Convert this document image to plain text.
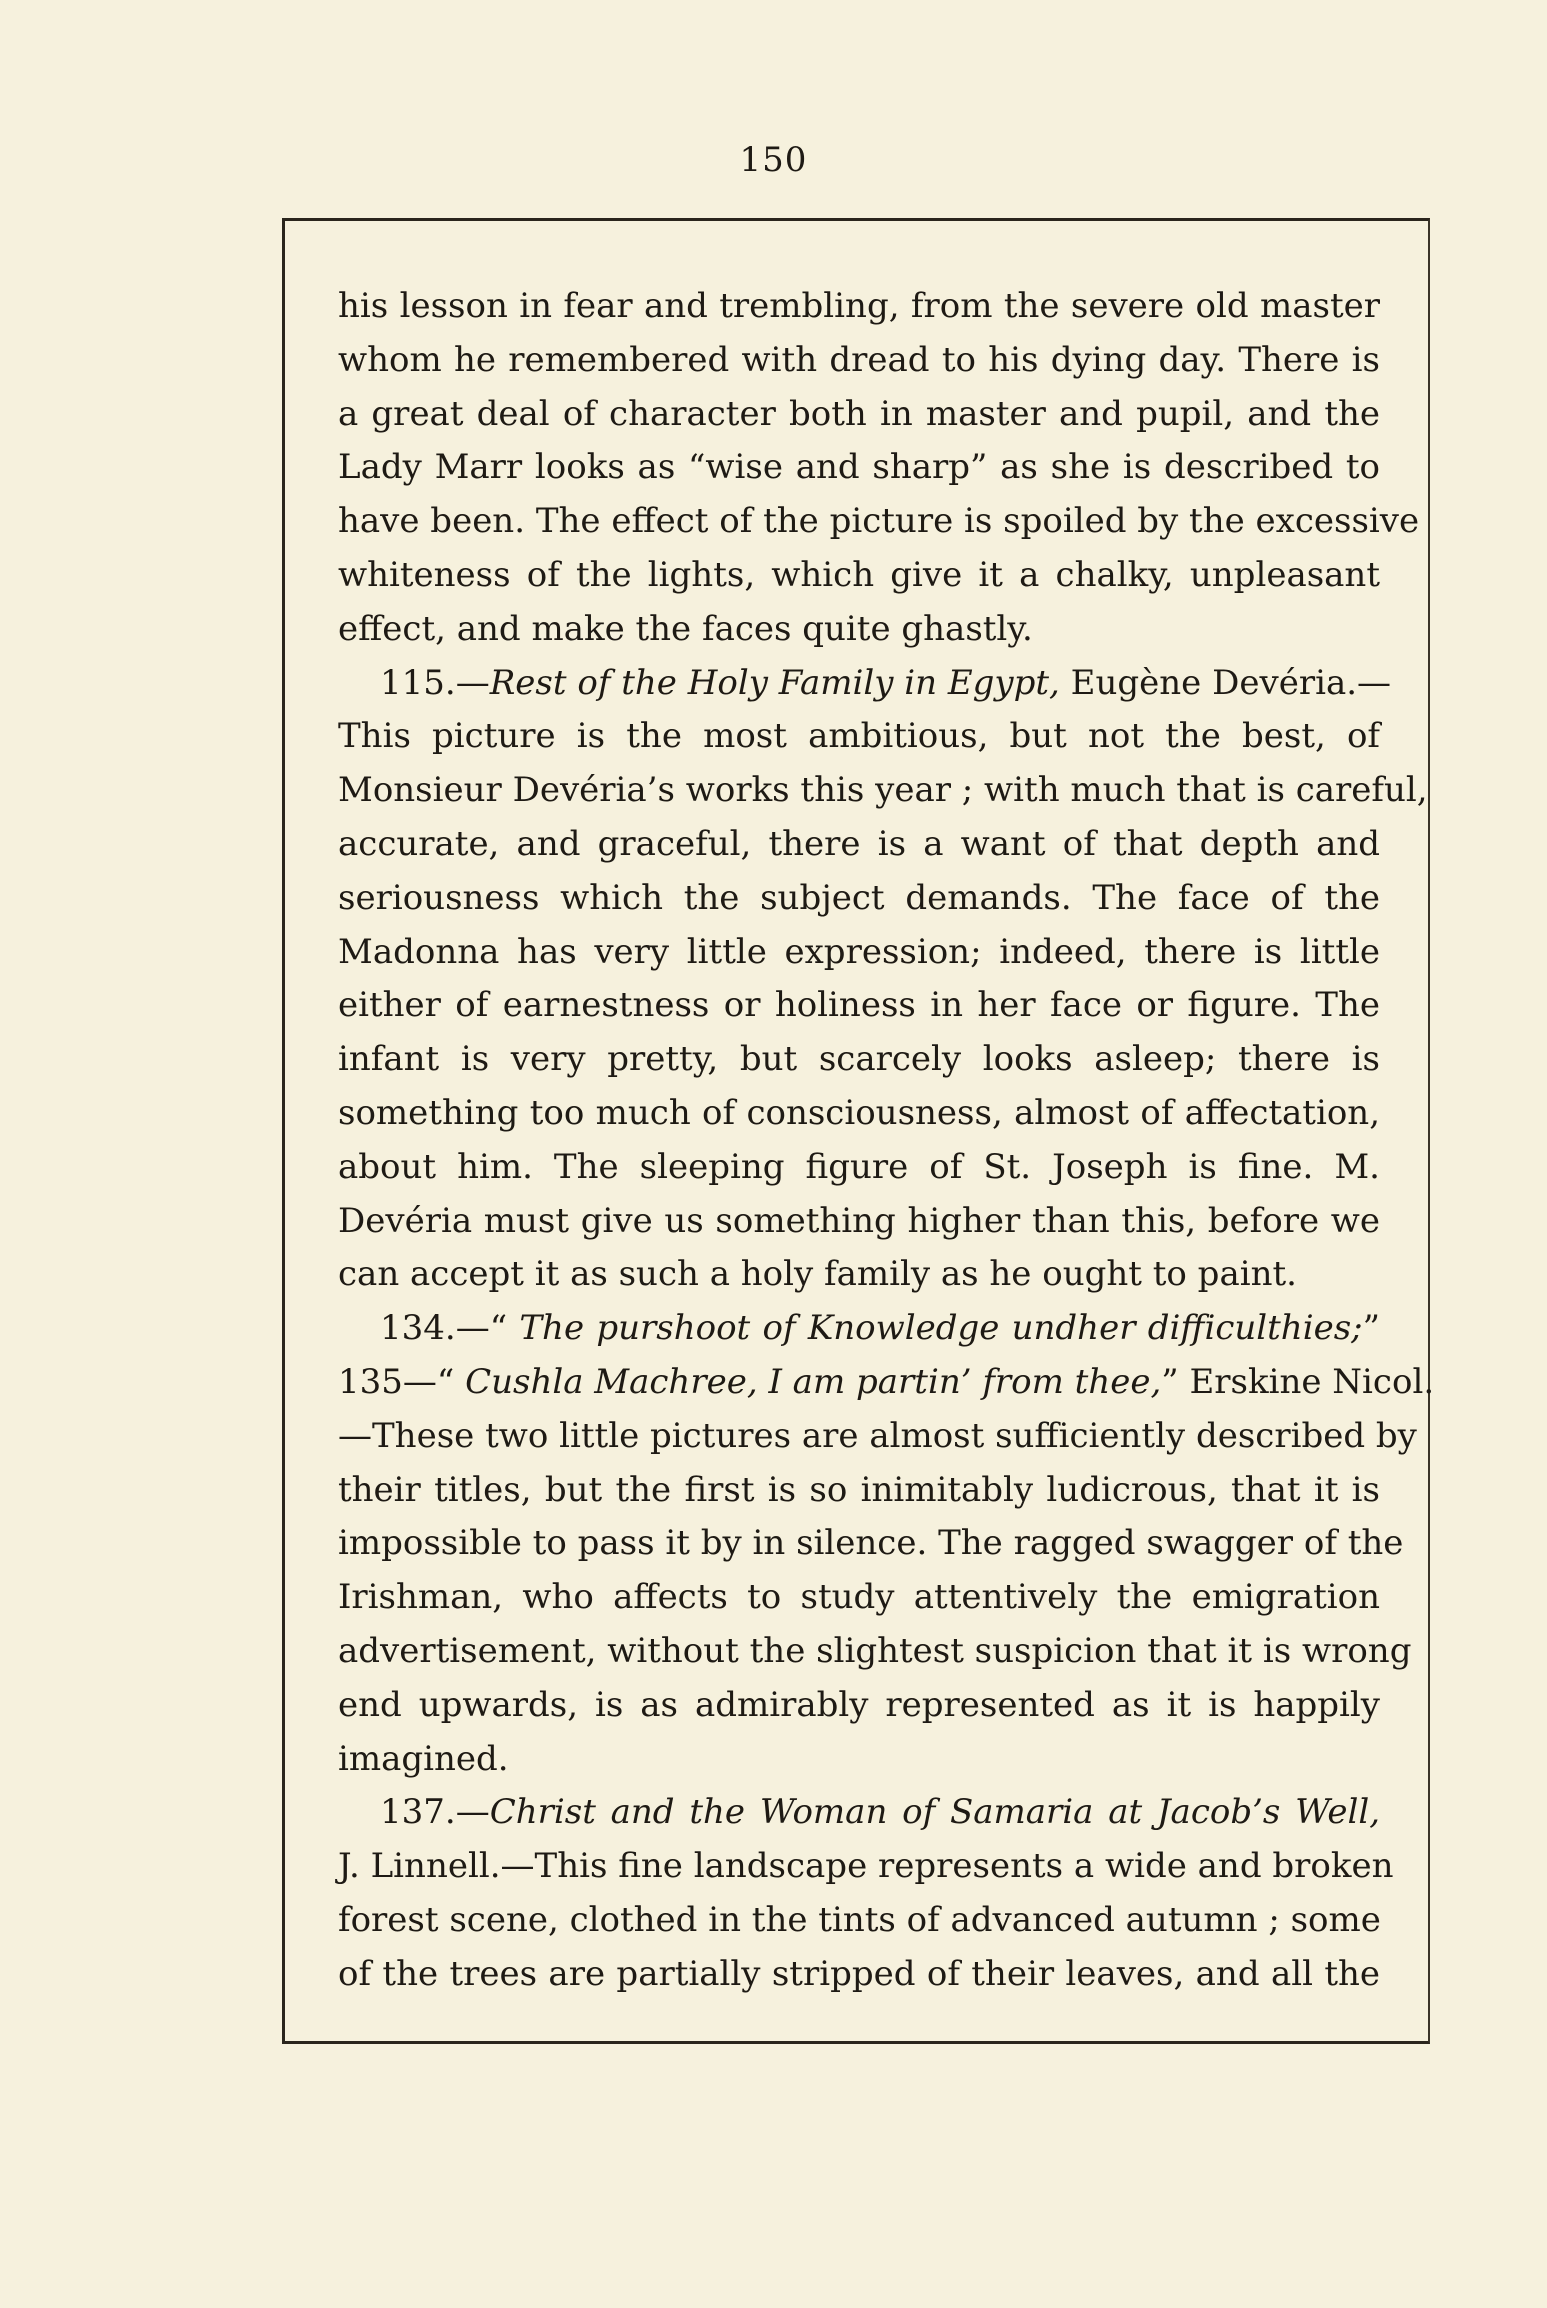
150
his lesson in fear and trembling, from the severe old master
whom he remembered with dread to his dying day. There is
a great deal of character both in master and pupil, and the
Lady Marr looks as “wise and sharp” as she is described to
have been. The effect of the picture is spoiled by the excessive
whiteness of the lights, which give it a chalky, unpleasant
effect, and make the faces quite ghastly.
115.—Rest of the Holy Family in Egypt, Eugène Devéria.—
This picture is the most ambitious, but not the best, of
Monsieur Devéria’s works this year ; with much that is careful,
accurate, and graceful, there is a want of that depth and
seriousness which the subject demands. The face of the
Madonna has very little expression; indeed, there is little
either of earnestness or holiness in her face or figure. The
infant is very pretty, but scarcely looks asleep; there is
something too much of consciousness, almost of affectation,
about him. The sleeping figure of St. Joseph is fine. M.
Devéria must give us something higher than this, before we
can accept it as such a holy family as he ought to paint.
134.—“ The purshoot of Knowledge undher difficulthies;”
135—“ Cushla Machree, I am partin’ from thee,” Erskine Nicol.
—These two little pictures are almost sufficiently described by
their titles, but the first is so inimitably ludicrous, that it is
impossible to pass it by in silence. The ragged swagger of the
Irishman, who affects to study attentively the emigration
advertisement, without the slightest suspicion that it is wrong
end upwards, is as admirably represented as it is happily
imagined.
137.—Christ and the Woman of Samaria at Jacob’s Well,
J. Linnell.—This fine landscape represents a wide and broken
forest scene, clothed in the tints of advanced autumn ; some
of the trees are partially stripped of their leaves, and all the
